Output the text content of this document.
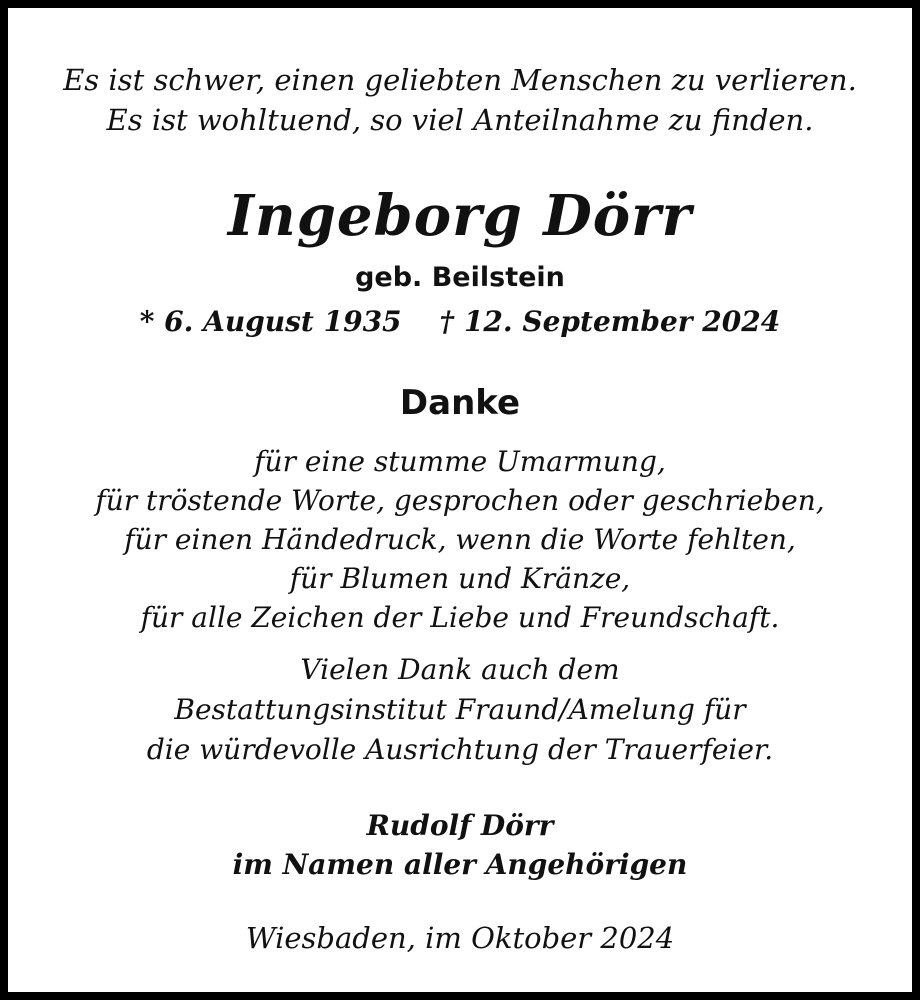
Es ist schwer, einen geliebten Menschen zu verlieren.
Es ist wohltuend, so viel Anteilnahme zu finden.
Ingeborg Dörr
geb. Beilstein
* 6. August 1935 † 12. September 2024
Danke
für eine stumme Umarmung,
für tröstende Worte, gesprochen oder geschrieben,
für einen Händedruck, wenn die Worte fehlten,
für Blumen und Kränze,
für alle Zeichen der Liebe und Freundschaft.
Vielen Dank auch dem
Bestattungsinstitut Fraund/Amelung für
die würdevolle Ausrichtung der Trauerfeier.
Rudolf Dörr
im Namen aller Angehörigen
Wiesbaden, im Oktober 2024
